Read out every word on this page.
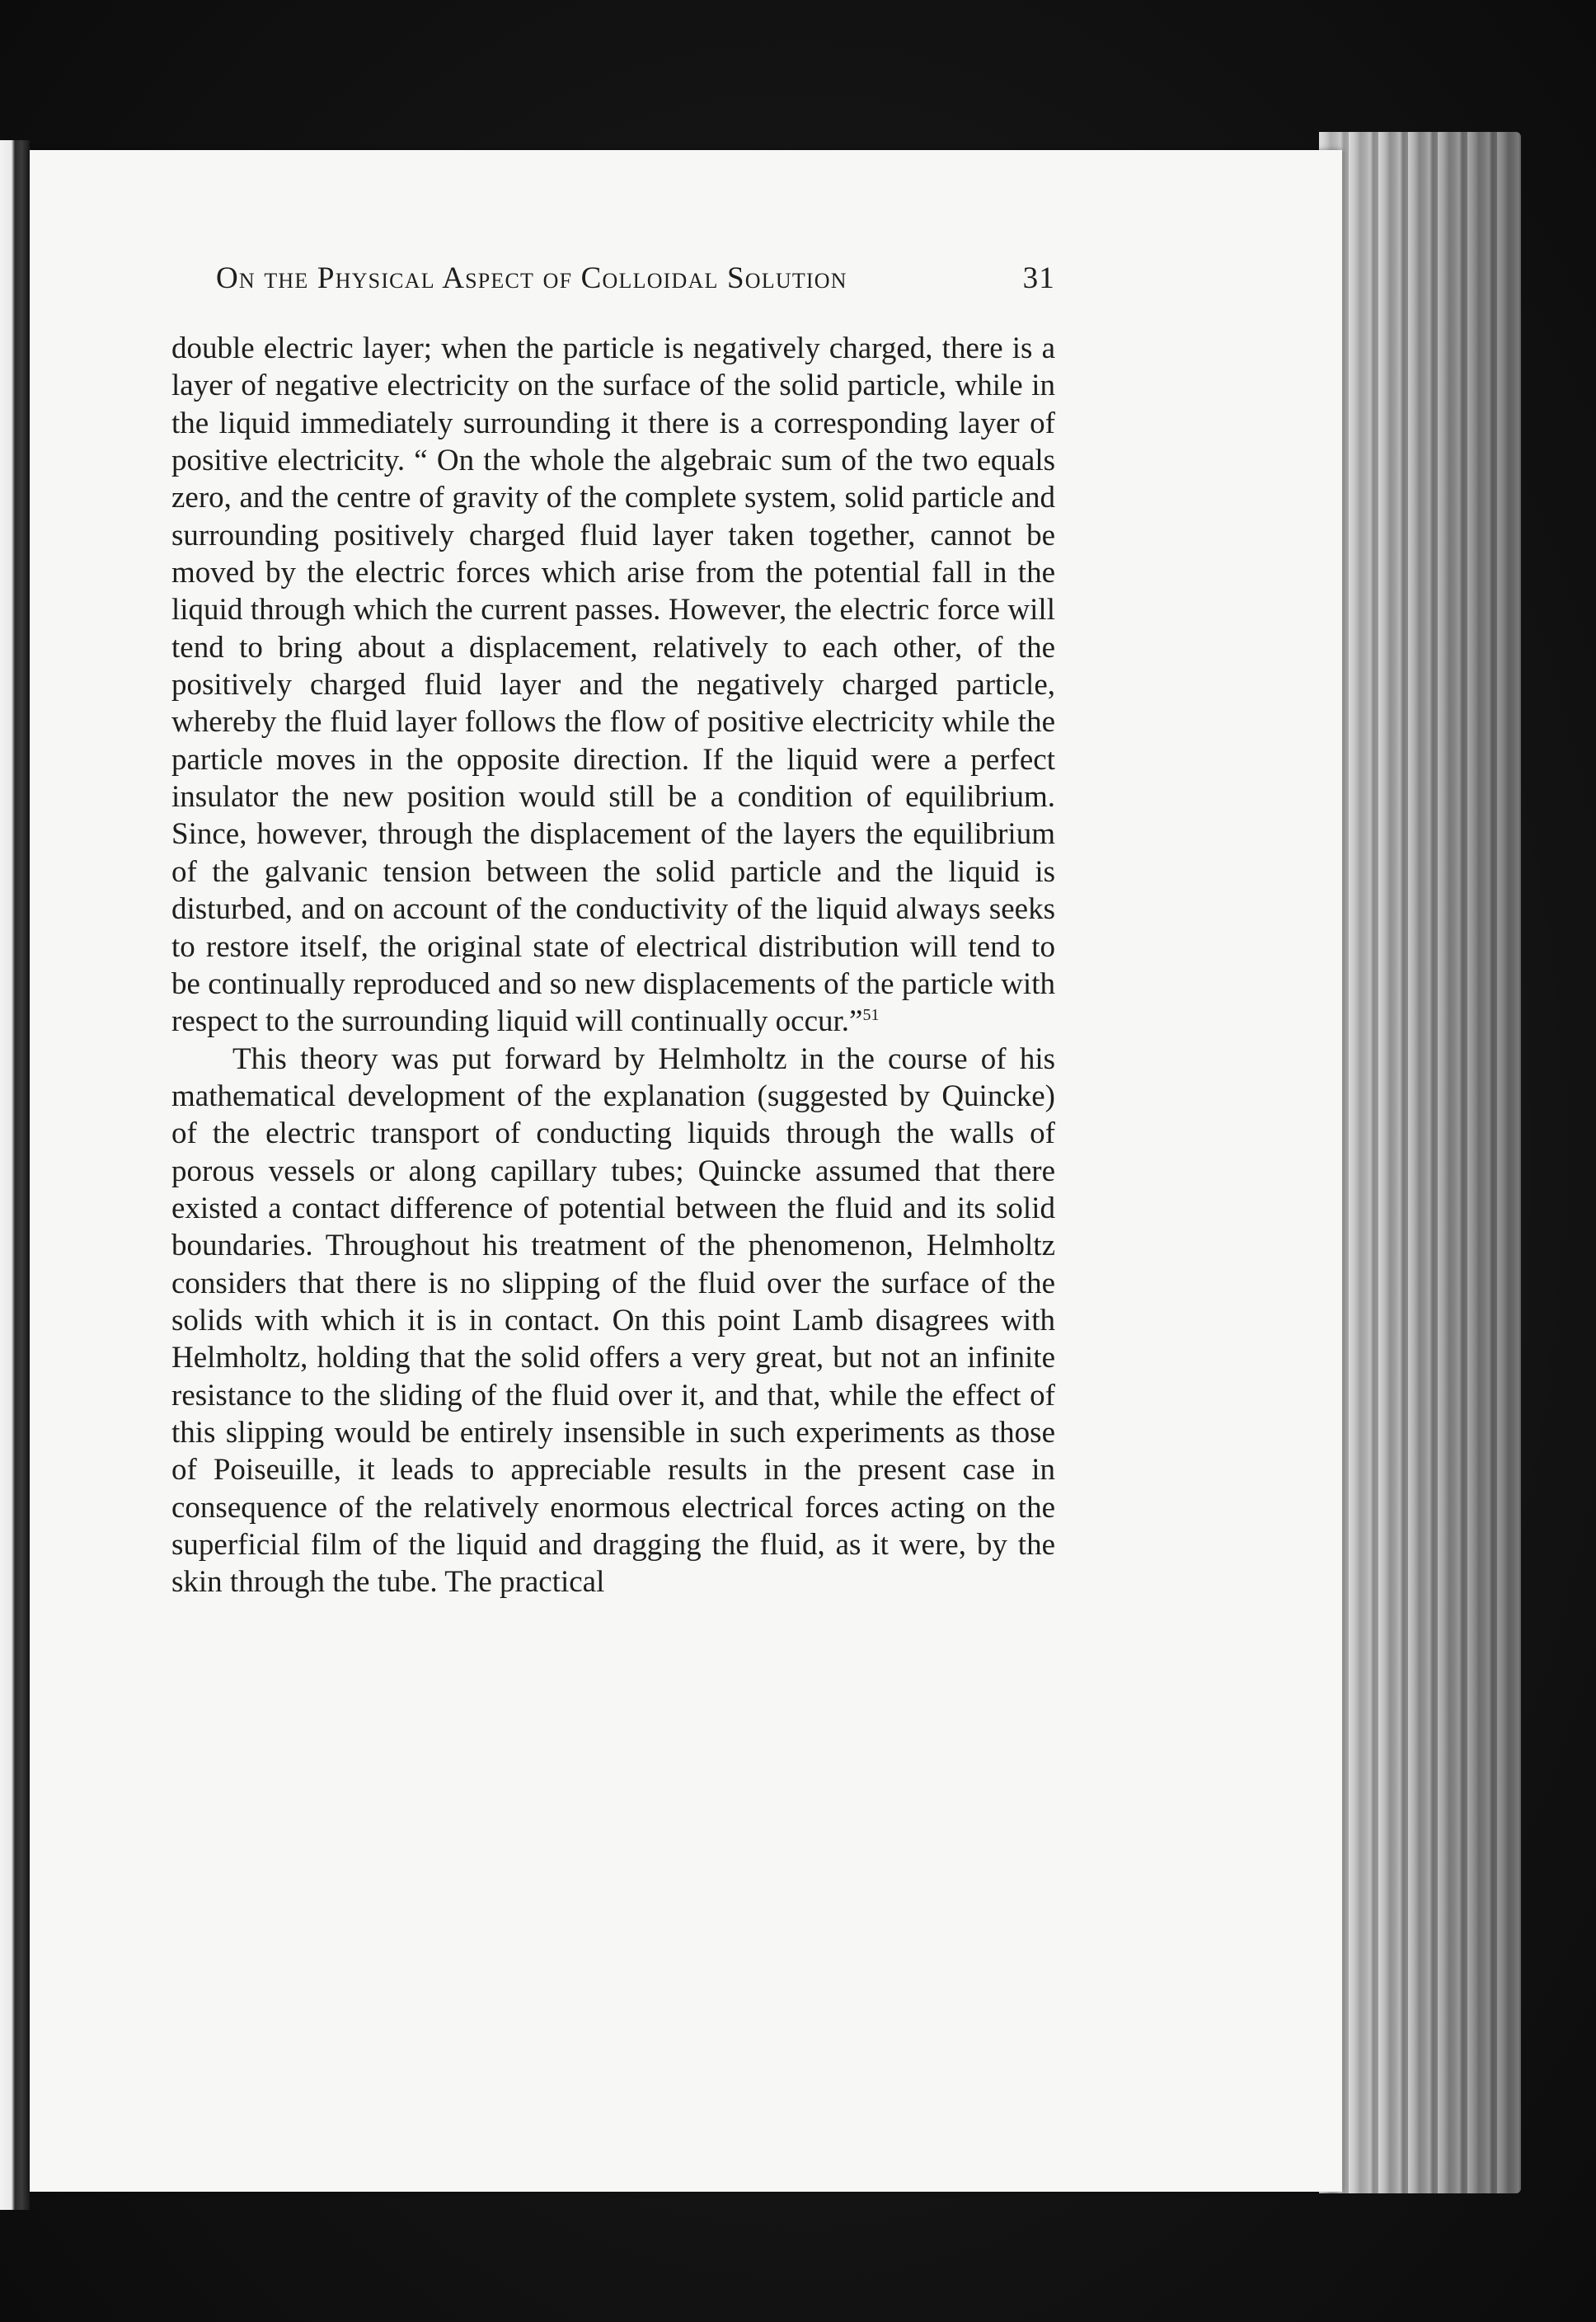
On the Physical Aspect of Colloidal Solution	31

double electric layer; when the particle is negatively charged, there is a layer of negative electricity on the surface of the solid particle, while in the liquid immediately surrounding it there is a corresponding layer of positive electricity. “ On the whole the algebraic sum of the two equals zero, and the centre of gravity of the complete system, solid particle and surrounding positively charged fluid layer taken together, cannot be moved by the electric forces which arise from the potential fall in the liquid through which the current passes. However, the electric force will tend to bring about a displacement, relatively to each other, of the positively charged fluid layer and the negatively charged particle, whereby the fluid layer follows the flow of positive electricity while the particle moves in the opposite direction. If the liquid were a perfect insulator the new position would still be a condition of equilibrium. Since, however, through the displacement of the layers the equilibrium of the galvanic tension between the solid particle and the liquid is disturbed, and on account of the conductivity of the liquid always seeks to restore itself, the original state of electrical distribution will tend to be continually reproduced and so new displacements of the particle with respect to the surrounding liquid will continually occur.”$^{51}$

This theory was put forward by Helmholtz in the course of his mathematical development of the explanation (suggested by Quincke) of the electric transport of conducting liquids through the walls of porous vessels or along capillary tubes; Quincke assumed that there existed a contact difference of potential between the fluid and its solid boundaries. Throughout his treatment of the phenomenon, Helmholtz considers that there is no slipping of the fluid over the surface of the solids with which it is in contact. On this point Lamb disagrees with Helmholtz, holding that the solid offers a very great, but not an infinite resistance to the sliding of the fluid over it, and that, while the effect of this slipping would be entirely insensible in such experiments as those of Poiseuille, it leads to appreciable results in the present case in consequence of the relatively enormous electrical forces acting on the superficial film of the liquid and dragging the fluid, as it were, by the skin through the tube. The practical
